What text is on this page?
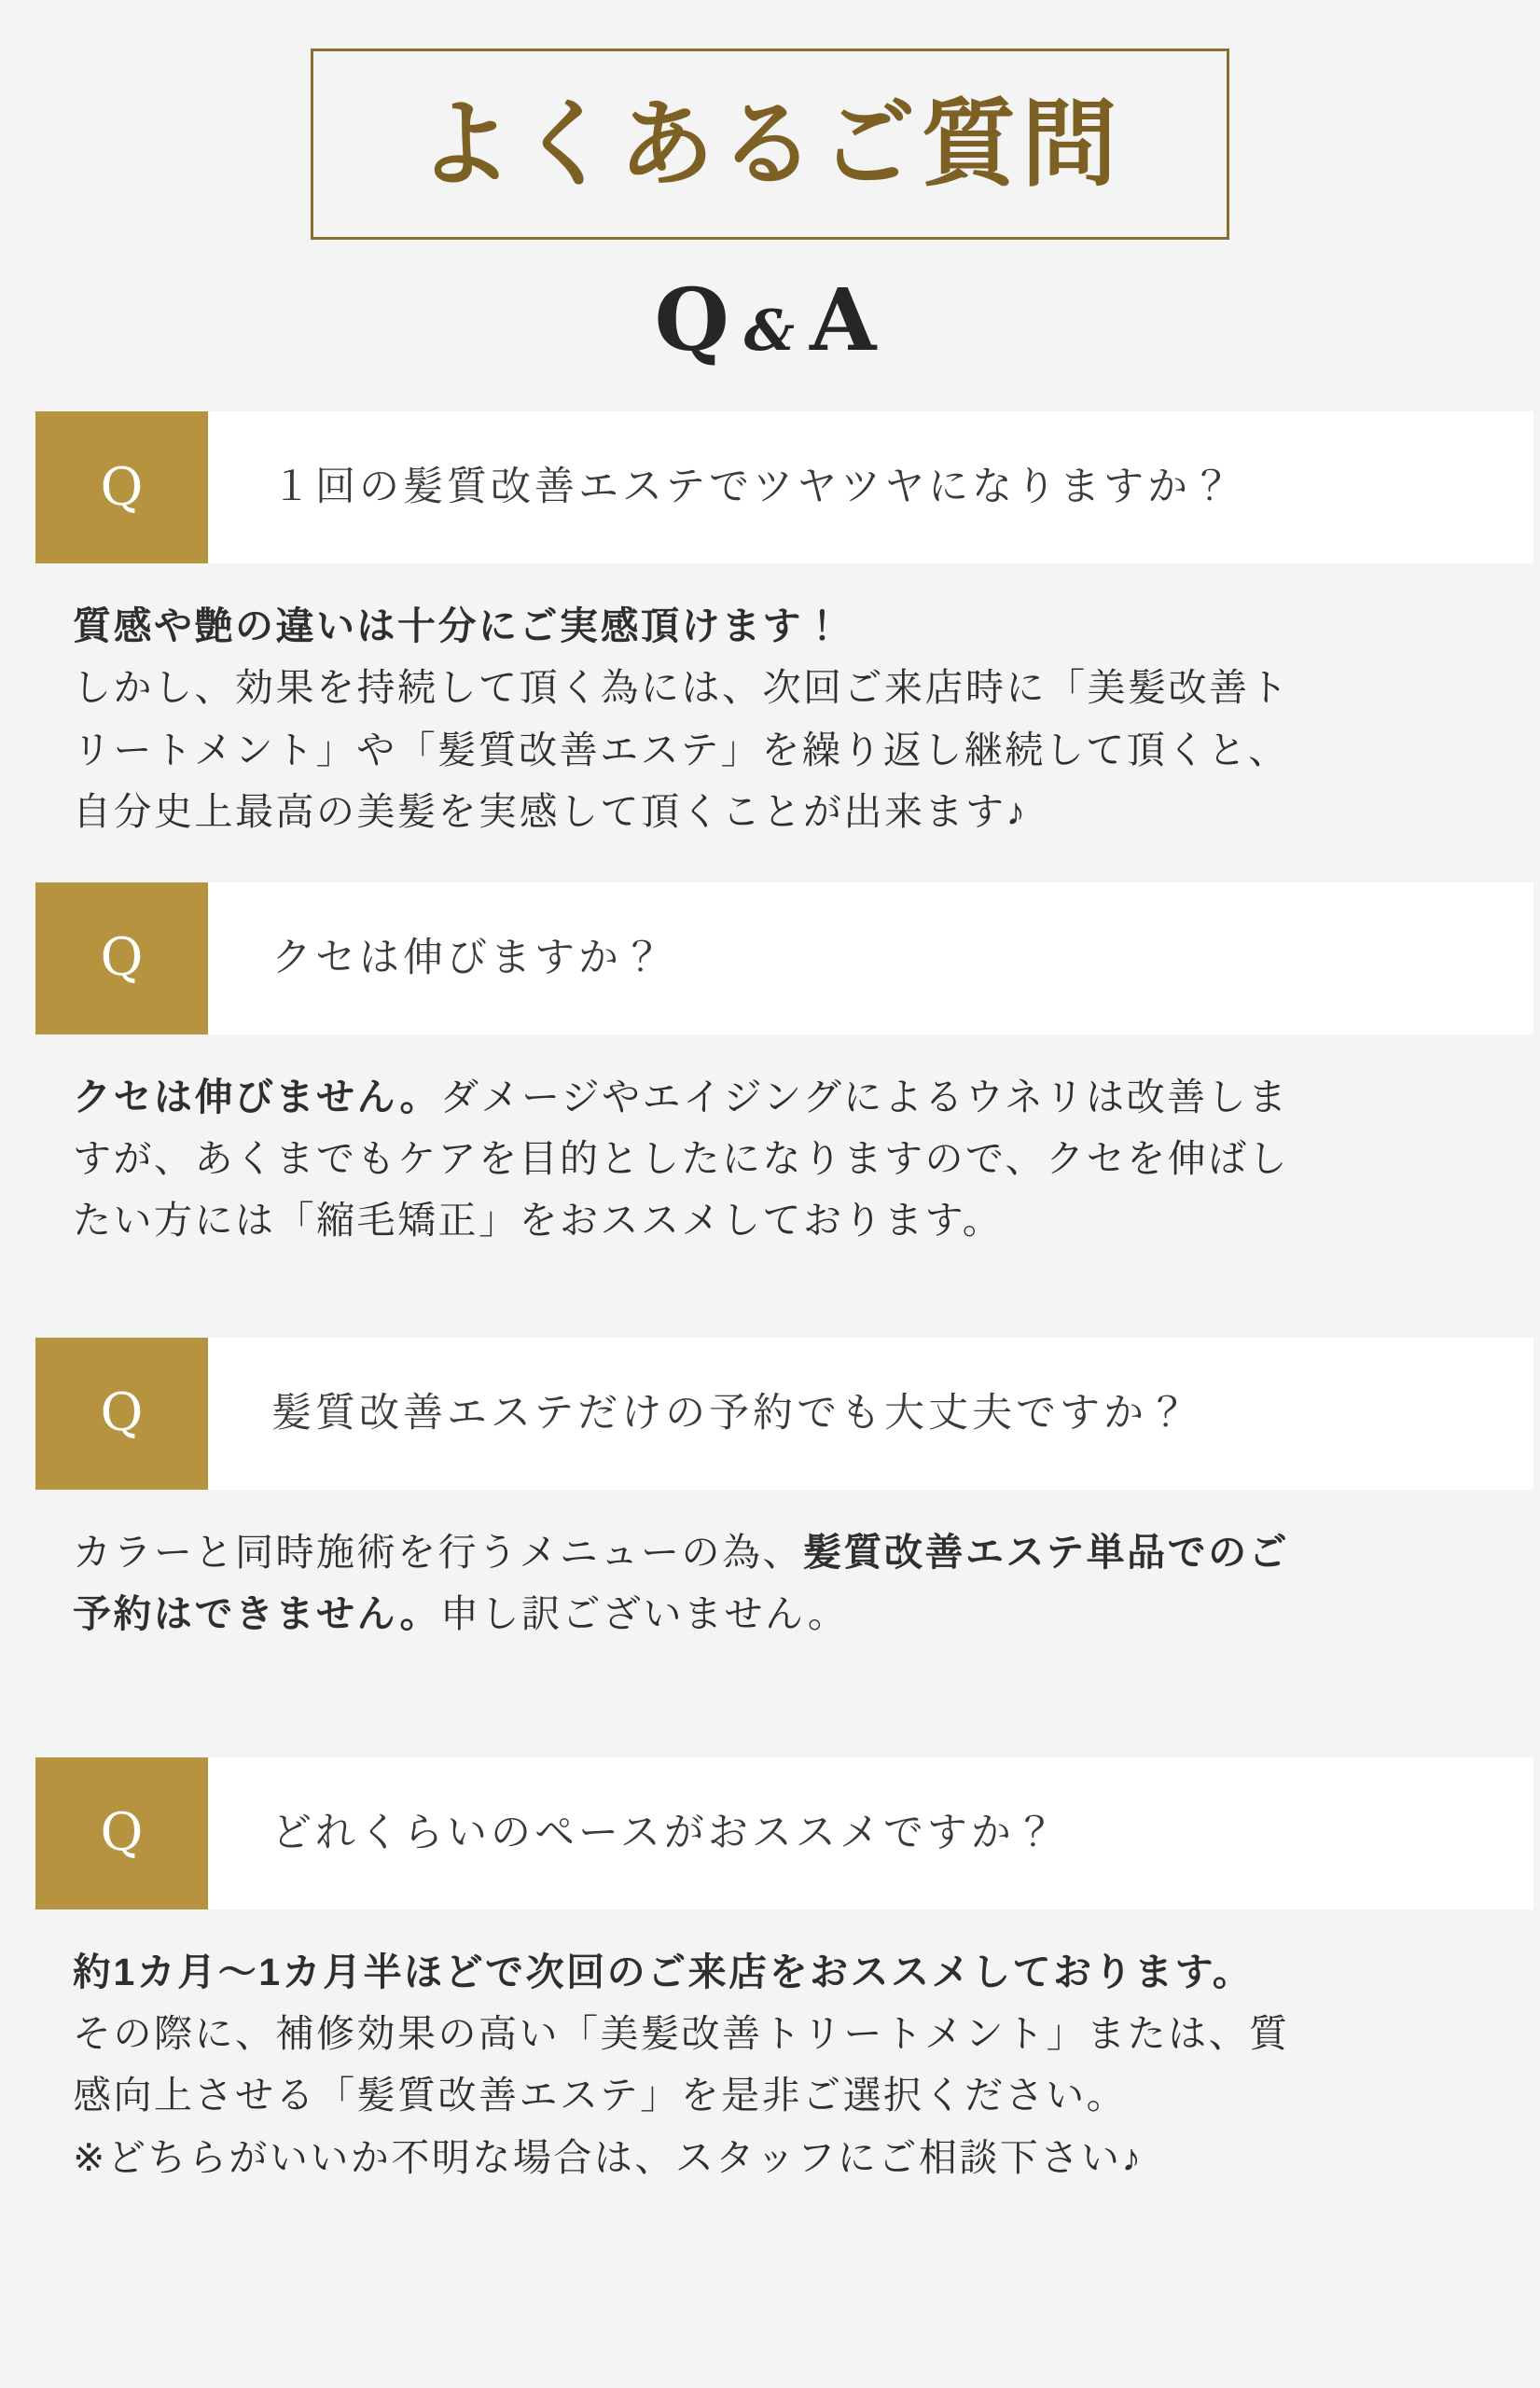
よくあるご質問
Q &A
Q	１回の髪質改善エステでツヤツヤになりますか？
質感や艶の違いは十分にご実感頂けます！
しかし、効果を持続して頂く為には、次回ご来店時に「美髪改善ト
リートメント」や「髪質改善エステ」を繰り返し継続して頂くと、
自分史上最高の美髪を実感して頂くことが出来ます♪
Q	クセは伸びますか？
クセは伸びません。ダメージやエイジングによるウネリは改善しま
すが、あくまでもケアを目的としたになりますので、クセを伸ばし
たい方には「縮毛矯正」をおススメしております。
Q	髪質改善エステだけの予約でも大丈夫ですか？
カラーと同時施術を行うメニューの為、髪質改善エステ単品でのご
予約はできません。申し訳ございません。
Q	どれくらいのペースがおススメですか？
約1カ月〜1カ月半ほどで次回のご来店をおススメしております。
その際に、補修効果の高い「美髪改善トリートメント」または、質
感向上させる「髪質改善エステ」を是非ご選択ください。
※どちらがいいか不明な場合は、スタッフにご相談下さい♪
